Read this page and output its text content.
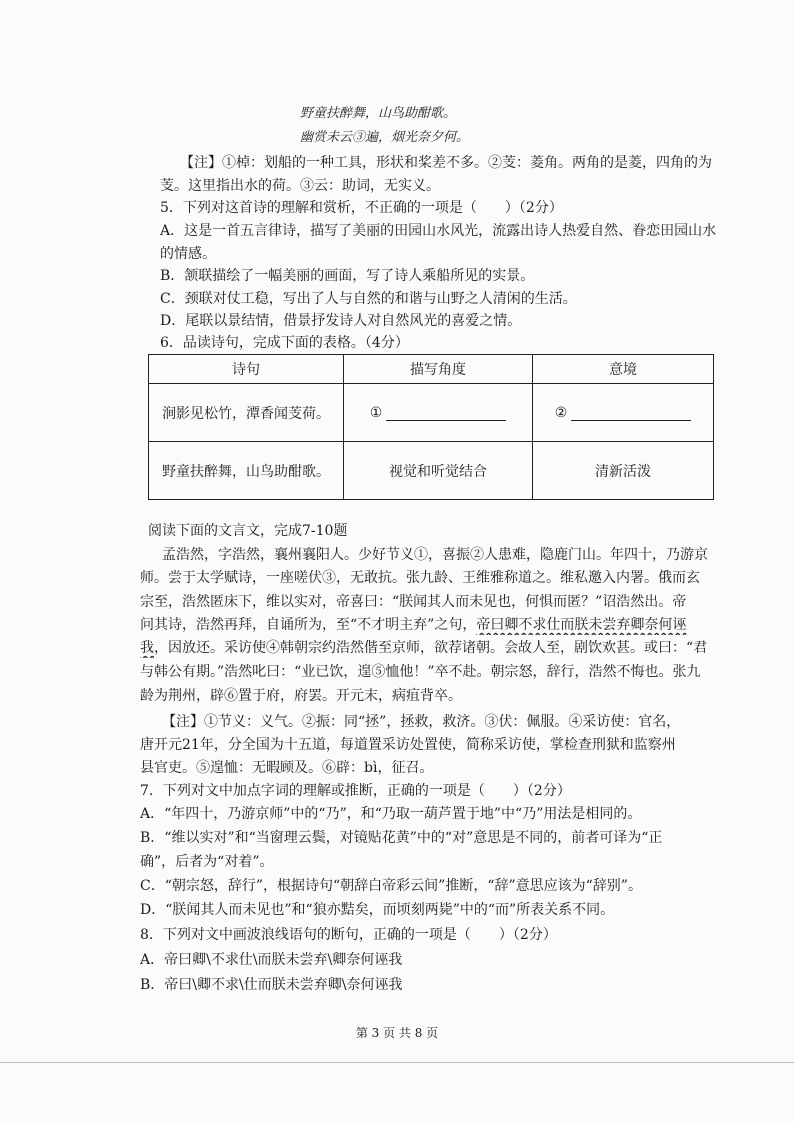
野童扶醉舞，山鸟助酣歌。
幽赏未云③遍，烟光奈夕何。
【注】①棹：划船的一种工具，形状和桨差不多。②芰：菱角。两角的是菱，四角的为
芰。这里指出水的荷。③云：助词，无实义。
5．下列对这首诗的理解和赏析，不正确的一项是（　　）（2分）
A．这是一首五言律诗，描写了美丽的田园山水风光，流露出诗人热爱自然、眷恋田园山水
的情感。
B．颔联描绘了一幅美丽的画面，写了诗人乘船所见的实景。
C．颈联对仗工稳，写出了人与自然的和谐与山野之人清闲的生活。
D．尾联以景结情，借景抒发诗人对自然风光的喜爱之情。
6．品读诗句，完成下面的表格。（4分）
诗句	描写角度	意境
涧影见松竹，潭香闻芰荷。	①	②
野童扶醉舞，山鸟助酣歌。	视觉和听觉结合	清新活泼
阅读下面的文言文，完成7-10题
孟浩然，字浩然，襄州襄阳人。少好节义①，喜振②人患难，隐鹿门山。年四十，乃游京
师。尝于太学赋诗，一座嗟伏③，无敢抗。张九龄、王维雅称道之。维私邀入内署。俄而玄
宗至，浩然匿床下，维以实对，帝喜曰：“朕闻其人而未见也，何惧而匿？”诏浩然出。帝
问其诗，浩然再拜，自诵所为，至“不才明主弃”之句，帝曰卿不求仕而朕未尝弃卿奈何诬
我，因放还。采访使④韩朝宗约浩然偕至京师，欲荐诸朝。会故人至，剧饮欢甚。或曰：“君
与韩公有期。”浩然叱曰：“业已饮，遑⑤恤他！”卒不赴。朝宗怒，辞行，浩然不悔也。张九
龄为荆州，辟⑥置于府，府罢。开元末，病疽背卒。
【注】①节义：义气。②振：同“拯”，拯救，救济。③伏：佩服。④采访使：官名，
唐开元21年，分全国为十五道，每道置采访处置使，简称采访使，掌检查刑狱和监察州
县官吏。⑤遑恤：无暇顾及。⑥辟：bì，征召。
7．下列对文中加点字词的理解或推断，正确的一项是（　　）（2分）
A．“年四十，乃游京师”中的“乃”，和“乃取一葫芦置于地”中“乃”用法是相同的。
B．“维以实对”和“当窗理云鬓，对镜贴花黄”中的“对”意思是不同的，前者可译为“正
确”，后者为“对着”。
C．“朝宗怒，辞行”，根据诗句“朝辞白帝彩云间”推断，“辞”意思应该为“辞别”。
D．“朕闻其人而未见也”和“狼亦黠矣，而顷刻两毙”中的“而”所表关系不同。
8．下列对文中画波浪线语句的断句，正确的一项是（　　）（2分）
A．帝曰卿\不求仕\而朕未尝弃\卿奈何诬我
B．帝曰\卿不求\仕而朕未尝弃卿\奈何诬我
第 3 页 共 8 页
